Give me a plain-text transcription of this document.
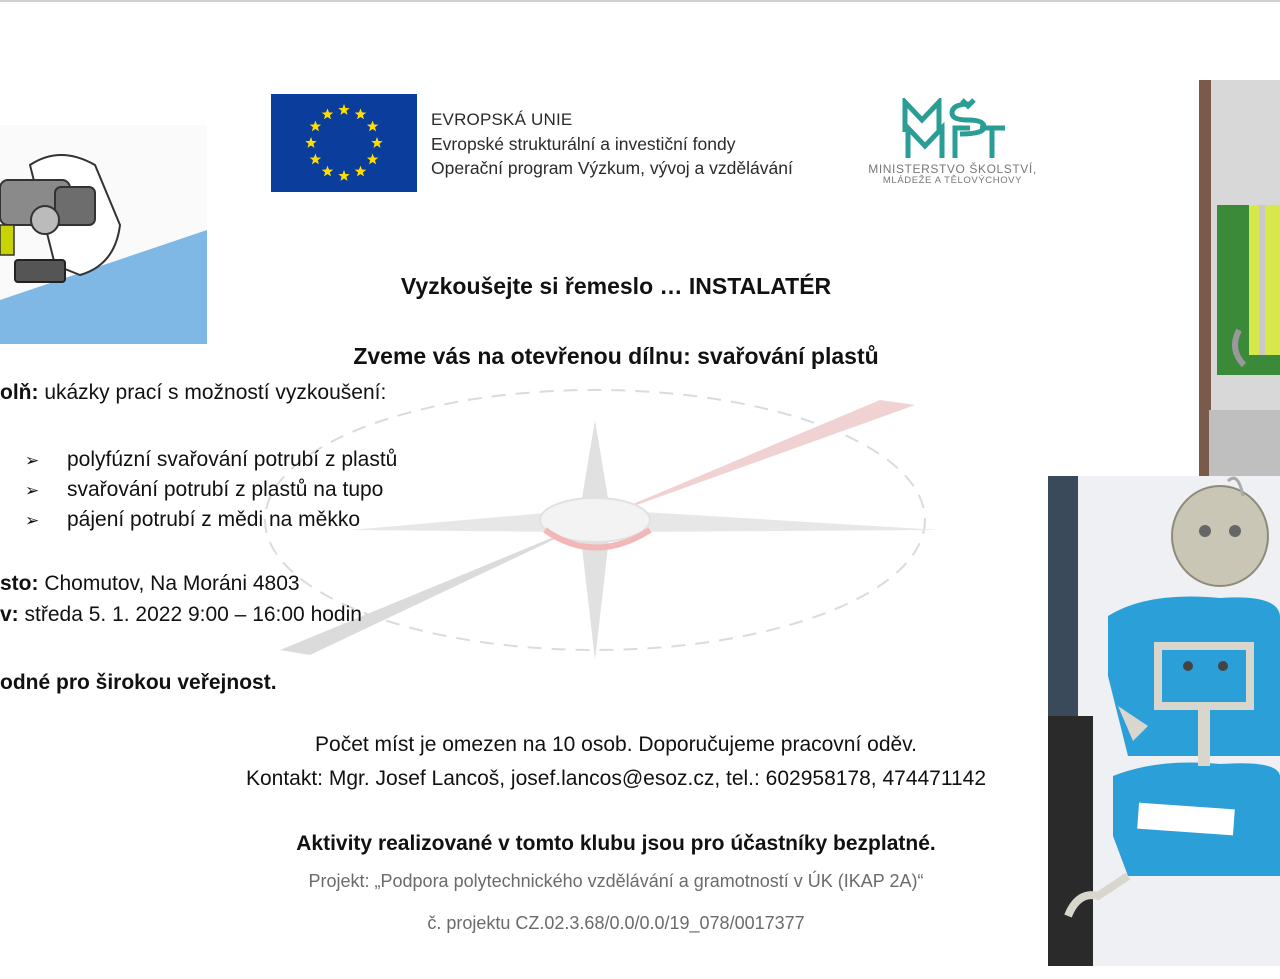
EVROPSKÁ UNIE
Evropské strukturální a investiční fondy
Operační program Výzkum, vývoj a vzdělávání	MINISTERSTVO ŠKOLSTVÍ,
MLÁDEŽE A TĚLOVÝCHOVY
Vyzkoušejte si řemeslo … INSTALATÉR
Zveme vás na otevřenou dílnu: svařování plastů
olň: ukázky prací s možností vyzkoušení:
➢ polyfúzní svařování potrubí z plastů
➢ svařování potrubí z plastů na tupo
➢ pájení potrubí z mědi na měkko
sto: Chomutov, Na Moráni 4803
v: středa 5. 1. 2022 9:00 – 16:00 hodin
odné pro širokou veřejnost.
Počet míst je omezen na 10 osob. Doporučujeme pracovní oděv.
Kontakt: Mgr. Josef Lancoš, josef.lancos@esoz.cz, tel.: 602958178, 474471142
Aktivity realizované v tomto klubu jsou pro účastníky bezplatné.
Projekt: „Podpora polytechnického vzdělávání a gramotností v ÚK (IKAP 2A)“
č. projektu CZ.02.3.68/0.0/0.0/19_078/0017377
